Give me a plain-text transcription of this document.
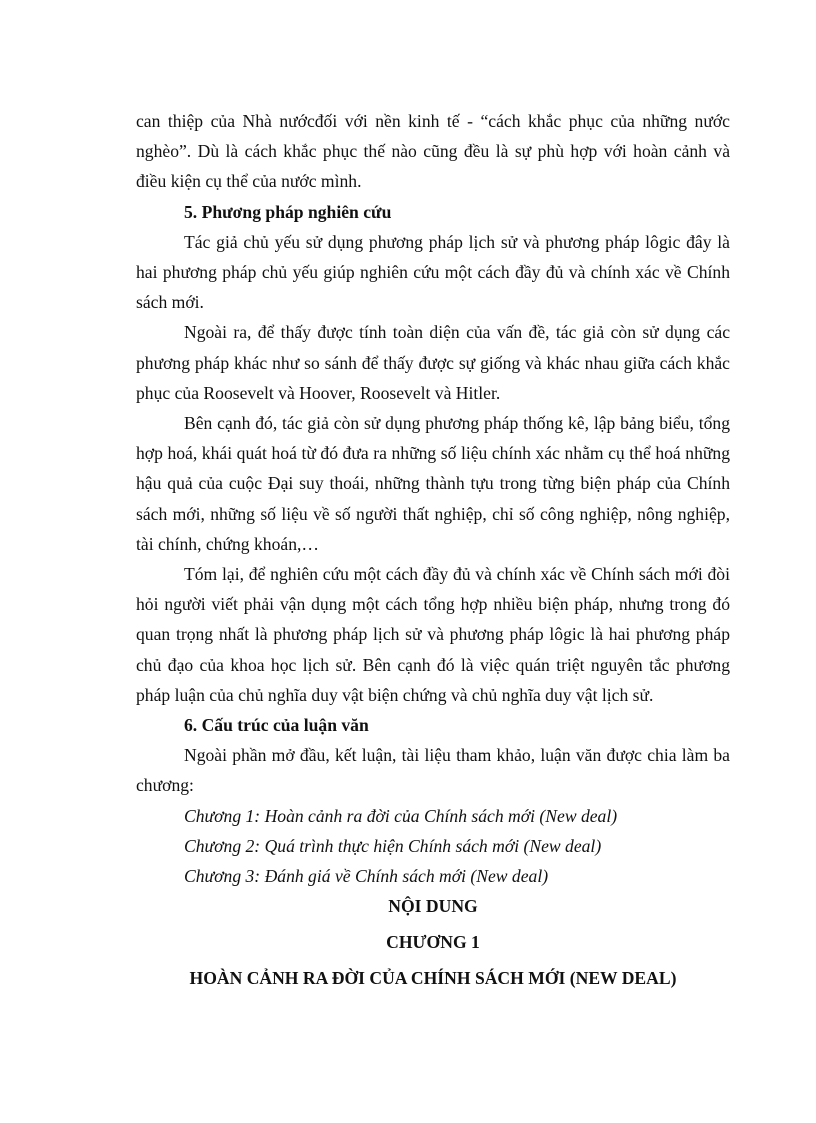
can thiệp của Nhà nướcđối với nền kinh tế - “cách khắc phục của những nước nghèo”. Dù là cách khắc phục thế nào cũng đều là sự phù hợp với hoàn cảnh và điều kiện cụ thể của nước mình.

5. Phương pháp nghiên cứu

Tác giả chủ yếu sử dụng phương pháp lịch sử và phương pháp lôgic đây là hai phương pháp chủ yếu giúp nghiên cứu một cách đầy đủ và chính xác về Chính sách mới.

Ngoài ra, để thấy được tính toàn diện của vấn đề, tác giả còn sử dụng các phương pháp khác như so sánh để thấy được sự giống và khác nhau giữa cách khắc phục của Roosevelt và Hoover, Roosevelt và Hitler.

Bên cạnh đó, tác giả còn sử dụng phương pháp thống kê, lập bảng biểu, tổng hợp hoá, khái quát hoá từ đó đưa ra những số liệu chính xác nhằm cụ thể hoá những hậu quả của cuộc Đại suy thoái, những thành tựu trong từng biện pháp của Chính sách mới, những số liệu về số người thất nghiệp, chỉ số công nghiệp, nông nghiệp, tài chính, chứng khoán,…

Tóm lại, để nghiên cứu một cách đầy đủ và chính xác về Chính sách mới đòi hỏi người viết phải vận dụng một cách tổng hợp nhiều biện pháp, nhưng trong đó quan trọng nhất là phương pháp lịch sử và phương pháp lôgic là hai phương pháp chủ đạo của khoa học lịch sử. Bên cạnh đó là việc quán triệt nguyên tắc phương pháp luận của chủ nghĩa duy vật biện chứng và chủ nghĩa duy vật lịch sử.

6. Cấu trúc của luận văn

Ngoài phần mở đầu, kết luận, tài liệu tham khảo, luận văn được chia làm ba chương:

Chương 1: Hoàn cảnh ra đời của Chính sách mới (New deal)

Chương 2: Quá trình thực hiện Chính sách mới (New deal)

Chương 3: Đánh giá về Chính sách mới (New deal)

NỘI DUNG

CHƯƠNG 1

HOÀN CẢNH RA ĐỜI CỦA CHÍNH SÁCH MỚI (NEW DEAL)
